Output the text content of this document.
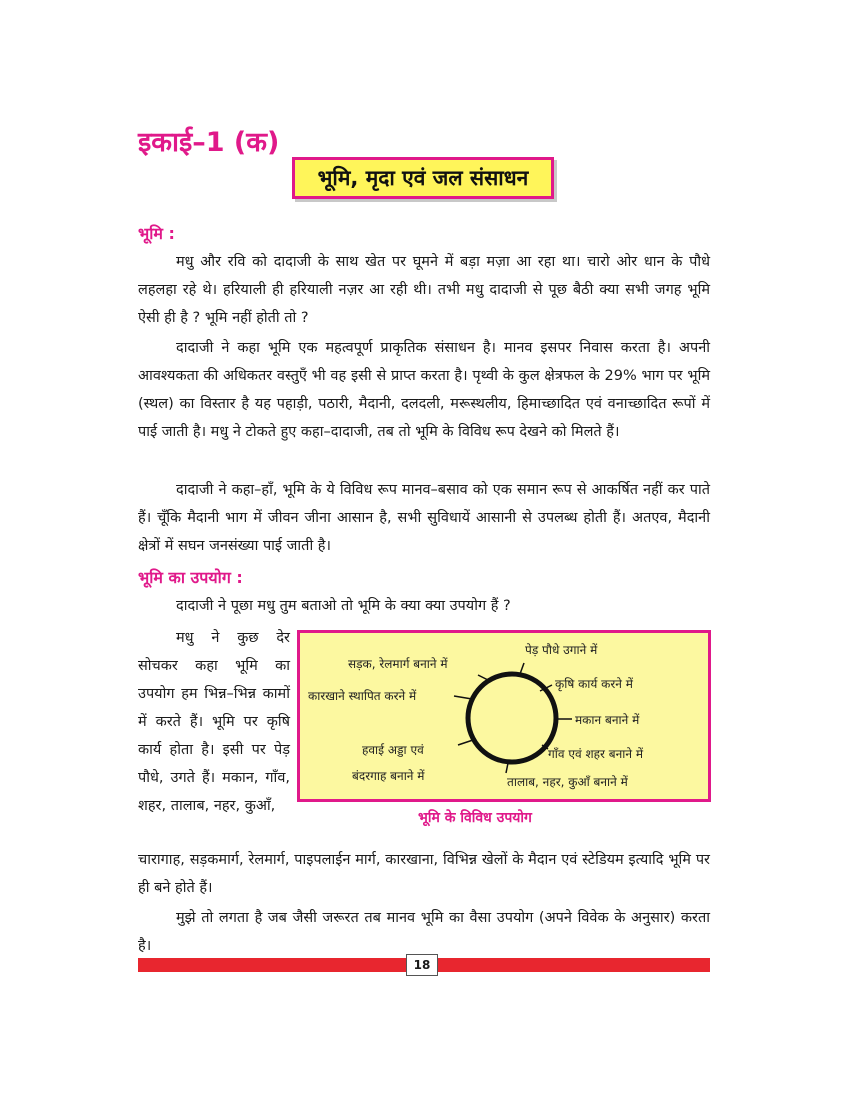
इकाई–1 (क)
भूमि, मृदा एवं जल संसाधन
भूमि :

मधु और रवि को दादाजी के साथ खेत पर घूमने में बड़ा मज़ा आ रहा था। चारो ओर धान के पौधे लहलहा रहे थे। हरियाली ही हरियाली नज़र आ रही थी। तभी मधु दादाजी से पूछ बैठी क्या सभी जगह भूमि ऐसी ही है ? भूमि नहीं होती तो ?

दादाजी ने कहा भूमि एक महत्वपूर्ण प्राकृतिक संसाधन है। मानव इसपर निवास करता है। अपनी आवश्यकता की अधिकतर वस्तुएँ भी वह इसी से प्राप्त करता है। पृथ्वी के कुल क्षेत्रफल के 29% भाग पर भूमि (स्थल) का विस्तार है यह पहाड़ी, पठारी, मैदानी, दलदली, मरूस्थलीय, हिमाच्छादित एवं वनाच्छादित रूपों में पाई जाती है। मधु ने टोकते हुए कहा–दादाजी, तब तो भूमि के विविध रूप देखने को मिलते हैं।

दादाजी ने कहा–हाँ, भूमि के ये विविध रूप मानव–बसाव को एक समान रूप से आकर्षित नहीं कर पाते हैं। चूँकि मैदानी भाग में जीवन जीना आसान है, सभी सुविधायें आसानी से उपलब्ध होती हैं। अतएव, मैदानी क्षेत्रों में सघन जनसंख्या पाई जाती है।

भूमि का उपयोग :

दादाजी ने पूछा मधु तुम बताओ तो भूमि के क्या क्या उपयोग हैं ?

मधु ने कुछ देर सोचकर कहा भूमि का उपयोग हम भिन्न–भिन्न कामों में करते हैं। भूमि पर कृषि कार्य होता है। इसी पर पेड़ पौधे, उगते हैं। मकान, गाँव, शहर, तालाब, नहर, कुआँ,

सड़क, रेलमार्ग बनाने में
पेड़ पौधे उगाने में
कारखाने स्थापित करने में
कृषि कार्य करने में
मकान बनाने में
हवाई अड्डा एवं
बंदरगाह बनाने में
गाँव एवं शहर बनाने में
तालाब, नहर, कुआँ बनाने में
भूमि के विविध उपयोग
चारागाह, सड़कमार्ग, रेलमार्ग, पाइपलाईन मार्ग, कारखाना, विभिन्न खेलों के मैदान एवं स्टेडियम इत्यादि भूमि पर ही बने होते हैं।

मुझे तो लगता है जब जैसी जरूरत तब मानव भूमि का वैसा उपयोग (अपने विवेक के अनुसार) करता है।

18
